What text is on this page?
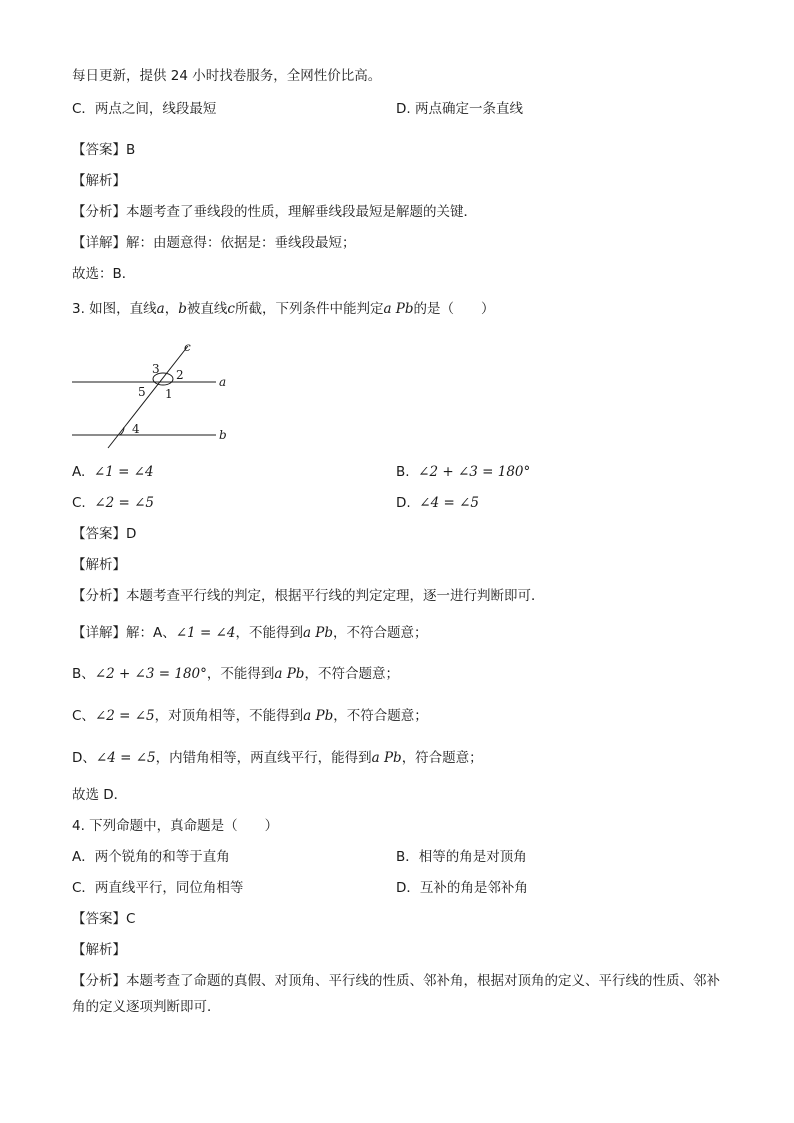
每日更新，提供 24 小时找卷服务，全网性价比高。
C．两点之间，线段最短	D. 两点确定一条直线
【答案】B
【解析】
【分析】本题考查了垂线段的性质，理解垂线段最短是解题的关键．
【详解】解：由题意得：依据是：垂线段最短；
故选：B．
3. 如图，直线a，b被直线c所截，下列条件中能判定a Pb的是（　　）
c
a
b
3 2
5 1
4
A. ∠1 = ∠4	B. ∠2 + ∠3 = 180°
C. ∠2 = ∠5	D. ∠4 = ∠5
【答案】D
【解析】
【分析】本题考查平行线的判定，根据平行线的判定定理，逐一进行判断即可．
【详解】解：A、∠1 = ∠4，不能得到a Pb，不符合题意；
B、∠2 + ∠3 = 180°，不能得到a Pb，不符合题意；
C、∠2 = ∠5，对顶角相等，不能得到a Pb，不符合题意；
D、∠4 = ∠5，内错角相等，两直线平行，能得到a Pb，符合题意；
故选 D．
4. 下列命题中，真命题是（　　）
A．两个锐角的和等于直角	B．相等的角是对顶角
C．两直线平行，同位角相等	D．互补的角是邻补角
【答案】C
【解析】
【分析】本题考查了命题的真假、对顶角、平行线的性质、邻补角，根据对顶角的定义、平行线的性质、邻补角的定义逐项判断即可．
